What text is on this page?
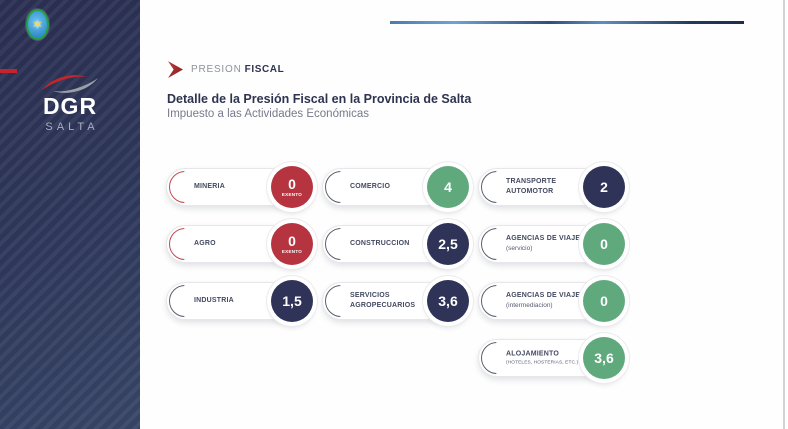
✶
DGR
SALTA
PRESION FISCAL
Detalle de la Presión Fiscal en la Provincia de Salta
Impuesto a las Actividades Económicas
MINERIA	0
EXENTO
COMERCIO	4	TRANSPORTE AUTOMOTOR	2
AGRO	0
EXENTO
CONSTRUCCION	2,5	AGENCIAS DE VIAJE (servicio)	0
INDUSTRIA	1,5	SERVICIOS AGROPECUARIOS	3,6	AGENCIAS DE VIAJE (intermediacion)	0
ALOJAMIENTO
(HOTELES, HOSTERIAS, ETC.) 3,6
